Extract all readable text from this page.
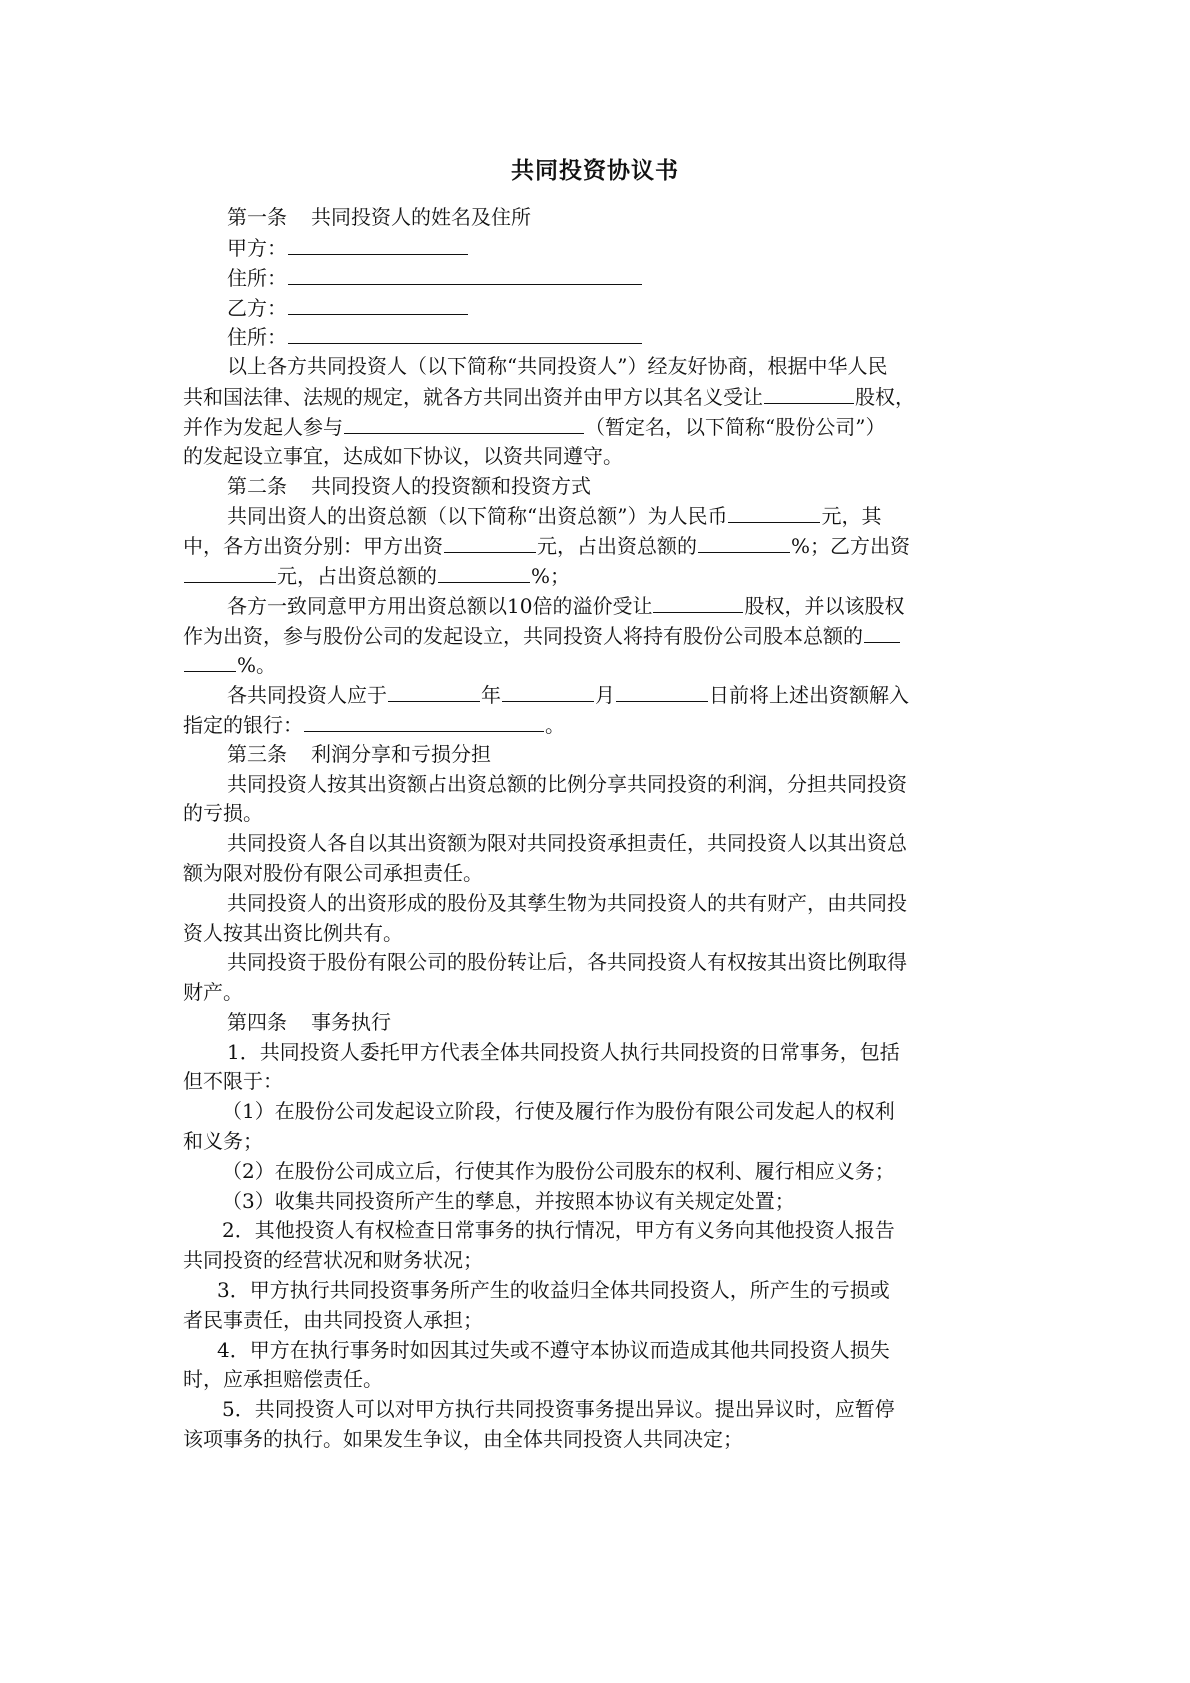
共同投资协议书
第一条 共同投资人的姓名及住所
甲方：
住所：
乙方：
住所：
以上各方共同投资人（以下简称“共同投资人”）经友好协商，根据中华人民
共和国法律、法规的规定，就各方共同出资并由甲方以其名义受让	股权，
并作为发起人参与	（暂定名，以下简称“股份公司”）
的发起设立事宜，达成如下协议，以资共同遵守。
第二条 共同投资人的投资额和投资方式
共同出资人的出资总额（以下简称“出资总额”）为人民币	元，其
中，各方出资分别：甲方出资	元，占出资总额的	%；乙方出资
元，占出资总额的	%；
各方一致同意甲方用出资总额以10倍的溢价受让	股权，并以该股权
作为出资，参与股份公司的发起设立，共同投资人将持有股份公司股本总额的
%。
各共同投资人应于	年	月	日前将上述出资额解入
指定的银行：	。
第三条 利润分享和亏损分担
共同投资人按其出资额占出资总额的比例分享共同投资的利润，分担共同投资
的亏损。
共同投资人各自以其出资额为限对共同投资承担责任，共同投资人以其出资总
额为限对股份有限公司承担责任。
共同投资人的出资形成的股份及其孳生物为共同投资人的共有财产，由共同投
资人按其出资比例共有。
共同投资于股份有限公司的股份转让后，各共同投资人有权按其出资比例取得
财产。
第四条 事务执行
1．共同投资人委托甲方代表全体共同投资人执行共同投资的日常事务，包括
但不限于：
（1）在股份公司发起设立阶段，行使及履行作为股份有限公司发起人的权利
和义务；
（2）在股份公司成立后，行使其作为股份公司股东的权利、履行相应义务；
（3）收集共同投资所产生的孳息，并按照本协议有关规定处置；
2．其他投资人有权检查日常事务的执行情况，甲方有义务向其他投资人报告
共同投资的经营状况和财务状况；
3．甲方执行共同投资事务所产生的收益归全体共同投资人，所产生的亏损或
者民事责任，由共同投资人承担；
4．甲方在执行事务时如因其过失或不遵守本协议而造成其他共同投资人损失
时，应承担赔偿责任。
5．共同投资人可以对甲方执行共同投资事务提出异议。提出异议时，应暂停
该项事务的执行。如果发生争议，由全体共同投资人共同决定；
